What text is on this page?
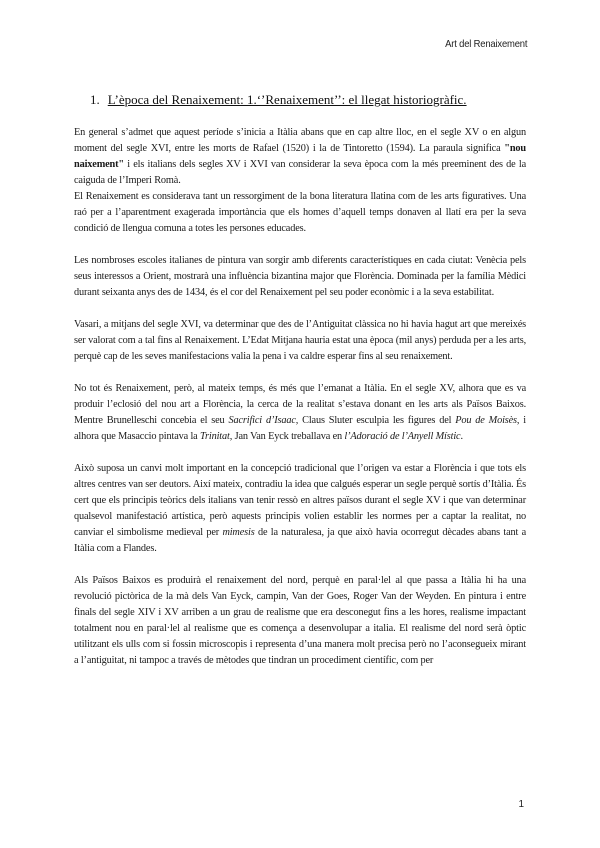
Art del Renaixement
1. L’època del Renaixement: 1.‘’Renaixement’’: el llegat historiogràfic.

En general s’admet que aquest període s’inicia a Itàlia abans que en cap altre lloc, en el segle XV o en algun moment del segle XVI, entre les morts de Rafael (1520) i la de Tintoretto (1594). La paraula significa "nou naixement" i els italians dels segles XV i XVI van considerar la seva època com la més preeminent des de la caiguda de l’Imperi Romà.

El Renaixement es considerava tant un ressorgiment de la bona literatura llatina com de les arts figuratives. Una raó per a l’aparentment exagerada importància que els homes d’aquell temps donaven al llatí era per la seva condició de llengua comuna a totes les persones educades.

Les nombroses escoles italianes de pintura van sorgir amb diferents característiques en cada ciutat: Venècia pels seus interessos a Orient, mostrarà una influència bizantina major que Florència. Dominada per la família Mèdici durant seixanta anys des de 1434, és el cor del Renaixement pel seu poder econòmic i a la seva estabilitat.

Vasari, a mitjans del segle XVI, va determinar que des de l’Antiguitat clàssica no hi havia hagut art que mereixés ser valorat com a tal fins al Renaixement. L’Edat Mitjana hauria estat una època (mil anys) perduda per a les arts, perquè cap de les seves manifestacions valia la pena i va caldre esperar fins al seu renaixement.

No tot és Renaixement, però, al mateix temps, és més que l’emanat a Itàlia. En el segle XV, alhora que es va produir l’eclosió del nou art a Florència, la cerca de la realitat s’estava donant en les arts als Països Baixos. Mentre Brunelleschi concebia el seu Sacrifici d’Isaac, Claus Sluter esculpia les figures del Pou de Moisès, i alhora que Masaccio pintava la Trinitat, Jan Van Eyck treballava en l’Adoració de l’Anyell Místic.

Això suposa un canvi molt important en la concepció tradicional que l’origen va estar a Florència i que tots els altres centres van ser deutors. Així mateix, contradiu la idea que calgués esperar un segle perquè sortís d’Itàlia. És cert que els principis teòrics dels italians van tenir ressò en altres països durant el segle XV i que van determinar qualsevol manifestació artística, però aquests principis volien establir les normes per a captar la realitat, no canviar el simbolisme medieval per mimesis de la naturalesa, ja que això havia ocorregut dècades abans tant a Itàlia com a Flandes.

Als Països Baixos es produirà el renaixement del nord, perquè en paral·lel al que passa a Itàlia hi ha una revolució pictòrica de la mà dels Van Eyck, campin, Van der Goes, Roger Van der Weyden. En pintura i entre finals del segle XIV i XV arriben a un grau de realisme que era desconegut fins a les hores, realisme impactant totalment nou en paral·lel al realisme que es comença a desenvolupar a italia. El realisme del nord serà òptic utilitzant els ulls com si fossin microscopis i representa d’una manera molt precisa però no l’aconsegueix mirant a l’antiguitat, ni tampoc a través de mètodes que tindran un procediment científic, com per

1
